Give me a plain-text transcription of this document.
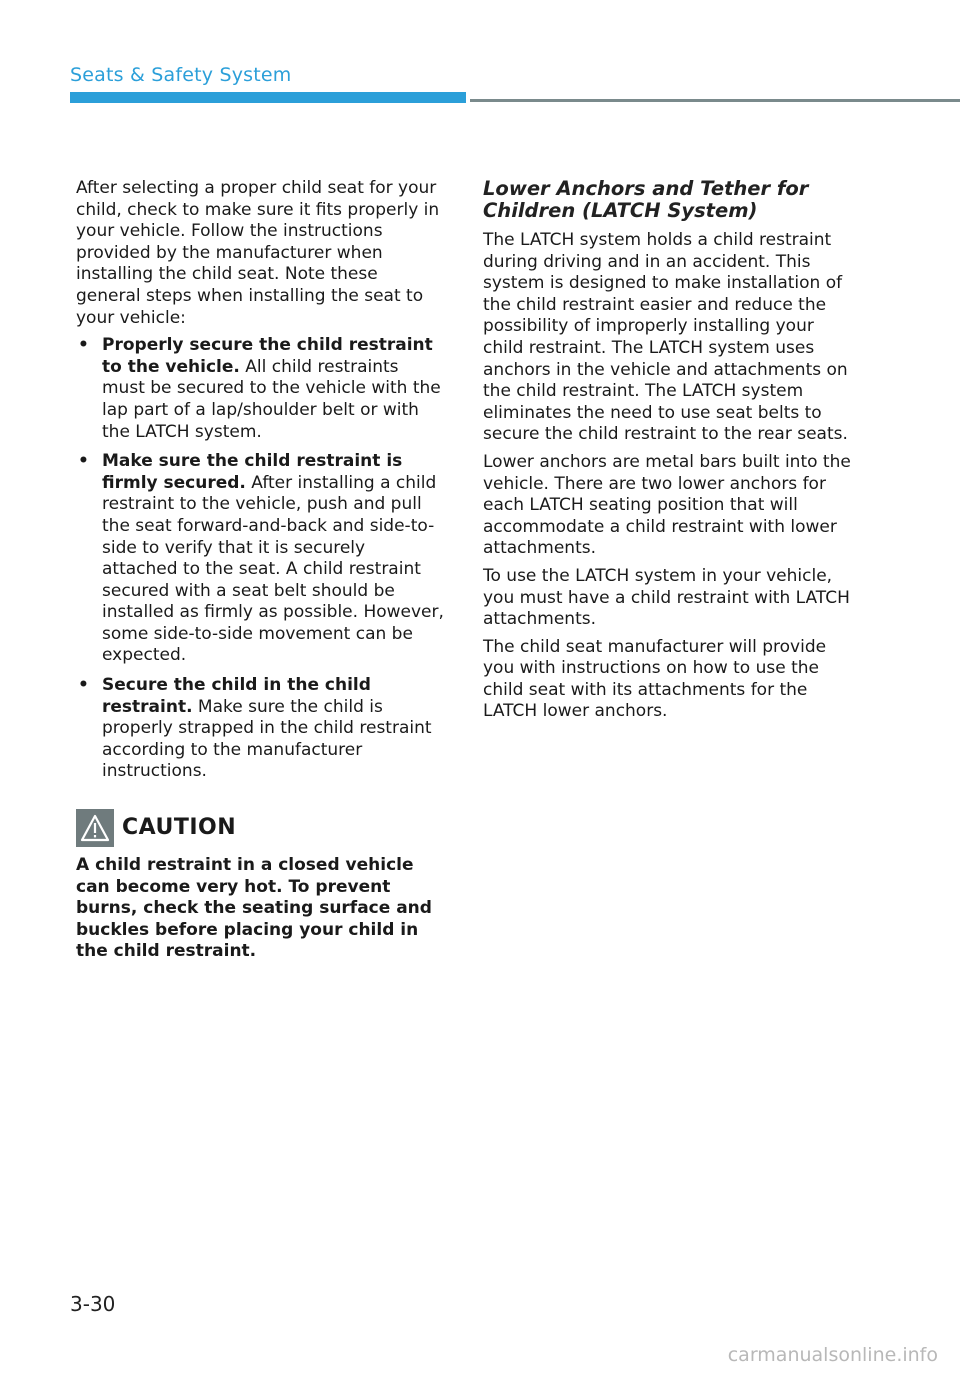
Seats & Safety System

After selecting a proper child seat for your child, check to make sure it fits properly in your vehicle. Follow the instructions provided by the manufacturer when installing the child seat. Note these general steps when installing the seat to your vehicle:

• Properly secure the child restraint to the vehicle. All child restraints must be secured to the vehicle with the lap part of a lap/shoulder belt or with the LATCH system.
• Make sure the child restraint is firmly secured. After installing a child restraint to the vehicle, push and pull the seat forward-and-back and side-to-side to verify that it is securely attached to the seat. A child restraint secured with a seat belt should be installed as firmly as possible. However, some side-to-side movement can be expected.
• Secure the child in the child restraint. Make sure the child is properly strapped in the child restraint according to the manufacturer instructions.
CAUTION
A child restraint in a closed vehicle can become very hot. To prevent burns, check the seating surface and buckles before placing your child in the child restraint.
Lower Anchors and Tether for Children (LATCH System)

The LATCH system holds a child restraint during driving and in an accident. This system is designed to make installation of the child restraint easier and reduce the possibility of improperly installing your child restraint. The LATCH system uses anchors in the vehicle and attachments on the child restraint. The LATCH system eliminates the need to use seat belts to secure the child restraint to the rear seats.

Lower anchors are metal bars built into the vehicle. There are two lower anchors for each LATCH seating position that will accommodate a child restraint with lower attachments.

To use the LATCH system in your vehicle, you must have a child restraint with LATCH attachments.

The child seat manufacturer will provide you with instructions on how to use the child seat with its attachments for the LATCH lower anchors.

3-30
carmanualsonline.info
